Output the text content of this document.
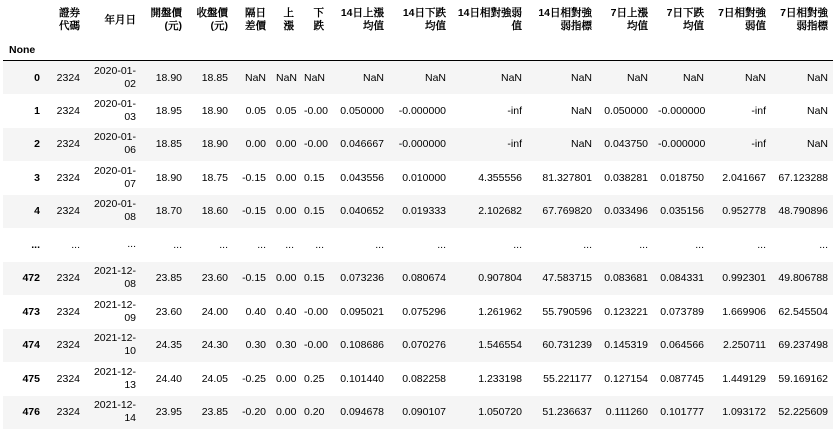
	證券代碼	年月日	開盤價(元)	收盤價(元)	隔日差價	上漲	下跌	14日上漲均值	14日下跌均值	14日相對強弱值	14日相對強弱指標	7日上漲均值	7日下跌均值	7日相對強弱值	7日相對強弱指標
None															
0	2324	2020-01-02	18.90	18.85	NaN	NaN	NaN	NaN	NaN	NaN	NaN	NaN	NaN	NaN	NaN
1	2324	2020-01-03	18.95	18.90	0.05	0.05	-0.00	0.050000	-0.000000	-inf	NaN	0.050000	-0.000000	-inf	NaN
2	2324	2020-01-06	18.85	18.90	0.00	0.00	-0.00	0.046667	-0.000000	-inf	NaN	0.043750	-0.000000	-inf	NaN
3	2324	2020-01-07	18.90	18.75	-0.15	0.00	0.15	0.043556	0.010000	4.355556	81.327801	0.038281	0.018750	2.041667	67.123288
4	2324	2020-01-08	18.70	18.60	-0.15	0.00	0.15	0.040652	0.019333	2.102682	67.769820	0.033496	0.035156	0.952778	48.790896
...	...	...	...	...	...	...	...	...	...	...	...	...	...	...	...
472	2324	2021-12-08	23.85	23.60	-0.15	0.00	0.15	0.073236	0.080674	0.907804	47.583715	0.083681	0.084331	0.992301	49.806788
473	2324	2021-12-09	23.60	24.00	0.40	0.40	-0.00	0.095021	0.075296	1.261962	55.790596	0.123221	0.073789	1.669906	62.545504
474	2324	2021-12-10	24.35	24.30	0.30	0.30	-0.00	0.108686	0.070276	1.546554	60.731239	0.145319	0.064566	2.250711	69.237498
475	2324	2021-12-13	24.40	24.05	-0.25	0.00	0.25	0.101440	0.082258	1.233198	55.221177	0.127154	0.087745	1.449129	59.169162
476	2324	2021-12-14	23.95	23.85	-0.20	0.00	0.20	0.094678	0.090107	1.050720	51.236637	0.111260	0.101777	1.093172	52.225609
